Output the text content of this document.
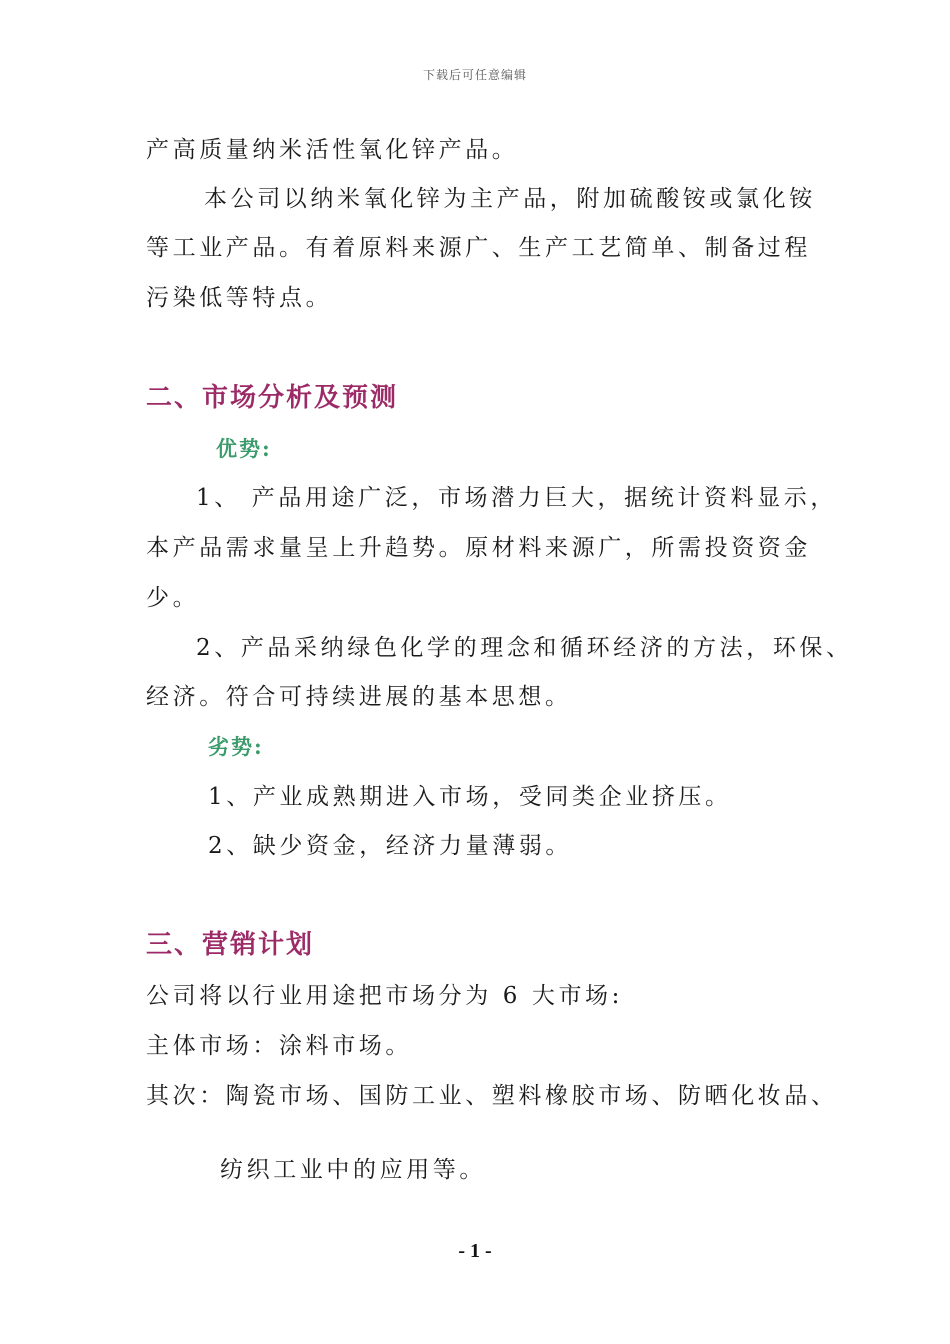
下载后可任意编辑
产高质量纳米活性氧化锌产品。
本公司以纳米氧化锌为主产品，附加硫酸铵或氯化铵
等工业产品。有着原料来源广、生产工艺简单、制备过程
污染低等特点。
二、市场分析及预测
优势:
1、 产品用途广泛，市场潜力巨大，据统计资料显示，
本产品需求量呈上升趋势。原材料来源广，所需投资资金
少。
2、产品采纳绿色化学的理念和循环经济的方法，环保、
经济。符合可持续进展的基本思想。
劣势:
1、产业成熟期进入市场，受同类企业挤压。
2、缺少资金，经济力量薄弱。
三、营销计划
公司将以行业用途把市场分为 6 大市场:
主体市场：涂料市场。
其次：陶瓷市场、国防工业、塑料橡胶市场、防晒化妆品、
纺织工业中的应用等。
- 1 -
